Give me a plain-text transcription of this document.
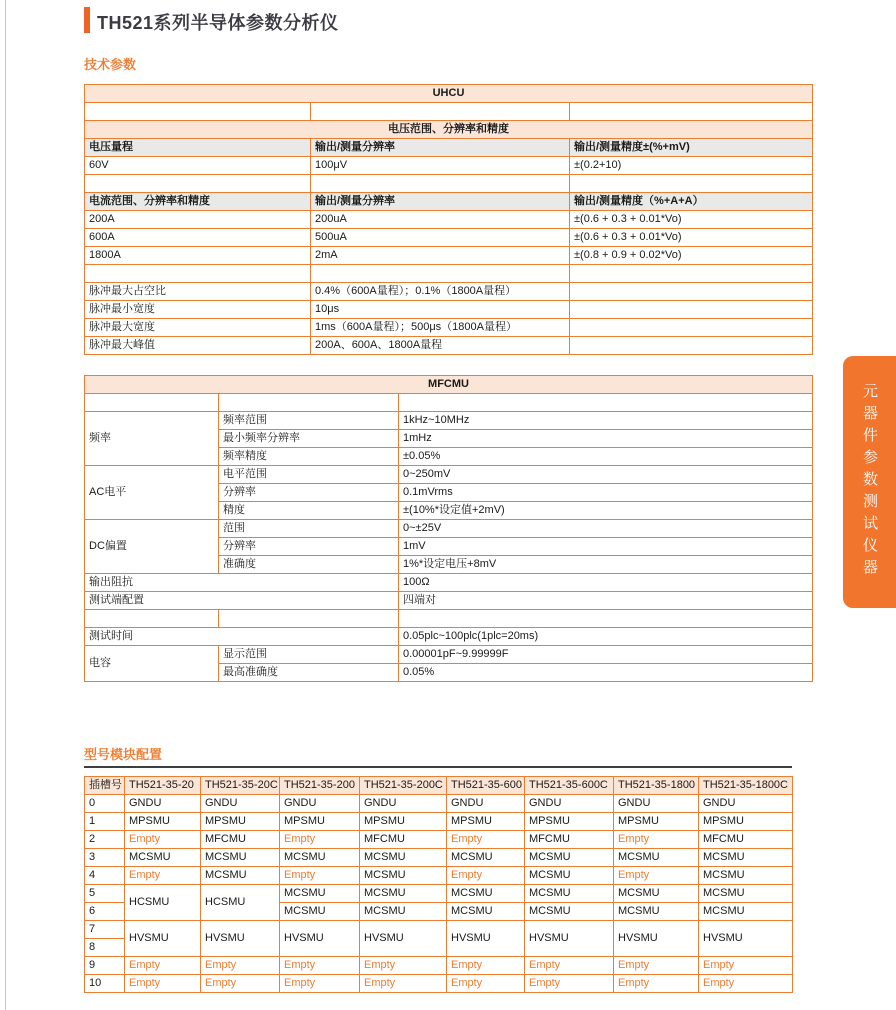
TH521系列半导体参数分析仪
技术参数
UHCU		

电压范围、分辨率和精度		
电压量程	输出/测量分辨率	输出/测量精度±(%+mV)
60V	100μV	±(0.2+10)

电流范围、分辨率和精度	输出/测量分辨率	输出/测量精度（%+A+A）
200A	200uA	±(0.6 + 0.3 + 0.01*Vo)
600A	500uA	±(0.6 + 0.3 + 0.01*Vo)
1800A	2mA	±(0.8 + 0.9 + 0.02*Vo)

脉冲最大占空比	0.4%（600A量程）；0.1%（1800A量程）	
脉冲最小宽度	10μs	
脉冲最大宽度	1ms（600A量程）；500μs（1800A量程）	
脉冲最大峰值	200A、600A、1800A量程	
MFCMU		

频率	频率范围	1kHz~10MHz
	最小频率分辨率	1mHz
	频率精度	±0.05%
AC电平	电平范围	0~250mV
	分辨率	0.1mVrms
	精度	±(10%*设定值+2mV)
DC偏置	范围	0~±25V
	分辨率	1mV
	准确度	1%*设定电压+8mV
输出阻抗		100Ω
测试端配置		四端对

测试时间		0.05plc~100plc(1plc=20ms)
电容	显示范围	0.00001pF~9.99999F
	最高准确度	0.05%
元器件参数测试仪器
型号模块配置
插槽号	TH521-35-20	TH521-35-20C	TH521-35-200	TH521-35-200C	TH521-35-600	TH521-35-600C	TH521-35-1800	TH521-35-1800C
0	GNDU	GNDU	GNDU	GNDU	GNDU	GNDU	GNDU	GNDU
1	MPSMU	MPSMU	MPSMU	MPSMU	MPSMU	MPSMU	MPSMU	MPSMU
2	Empty	MFCMU	Empty	MFCMU	Empty	MFCMU	Empty	MFCMU
3	MCSMU	MCSMU	MCSMU	MCSMU	MCSMU	MCSMU	MCSMU	MCSMU
4	Empty	MCSMU	Empty	MCSMU	Empty	MCSMU	Empty	MCSMU
5	HCSMU	HCSMU	MCSMU	MCSMU	MCSMU	MCSMU	MCSMU	MCSMU
6			MCSMU	MCSMU	MCSMU	MCSMU	MCSMU	MCSMU
7	HVSMU	HVSMU	HVSMU	HVSMU	HVSMU	HVSMU	HVSMU	HVSMU
8								
9	Empty	Empty	Empty	Empty	Empty	Empty	Empty	Empty
10	Empty	Empty	Empty	Empty	Empty	Empty	Empty	Empty
